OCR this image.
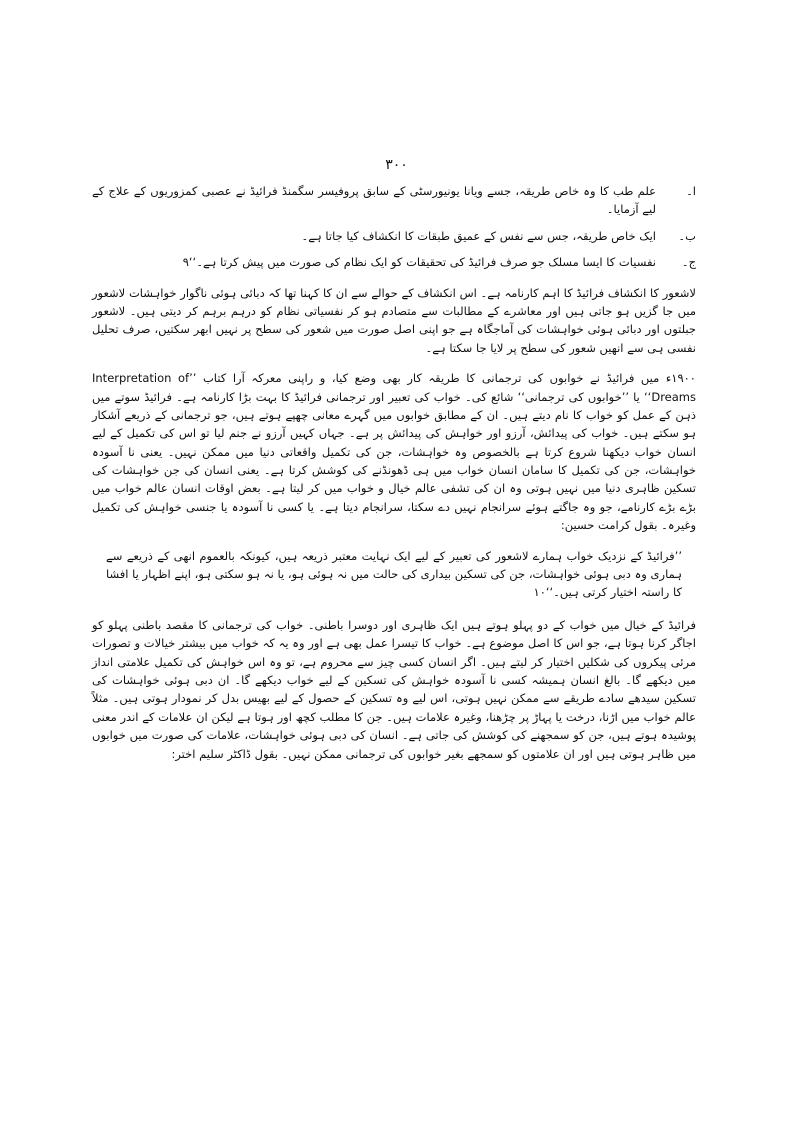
۳۰۰
ا۔
علم طب کا وہ خاص طریقہ، جسے ویانا یونیورسٹی کے سابق پروفیسر سگمنڈ فرائیڈ نے عصبی کمزوریوں کے علاج کے لیے آزمایا۔
ب۔
ایک خاص طریقہ، جس سے نفس کے عمیق طبقات کا انکشاف کیا جاتا ہے۔
ج۔
نفسیات کا ایسا مسلک جو صرف فرائیڈ کی تحقیقات کو ایک نظام کی صورت میں پیش کرتا ہے۔‘‘۹

لاشعور کا انکشاف فرائیڈ کا اہم کارنامہ ہے۔ اس انکشاف کے حوالے سے ان کا کہنا تھا کہ دبائی ہوئی ناگوار خواہشات لاشعور میں جا گزیں ہو جاتی ہیں اور معاشرے کے مطالبات سے متصادم ہو کر نفسیاتی نظام کو درہم برہم کر دیتی ہیں۔ لاشعور جبلتوں اور دبائی ہوئی خواہشات کی آماجگاہ ہے جو اپنی اصل صورت میں شعور کی سطح پر نہیں ابھر سکتیں، صرف تحلیل نفسی ہی سے انھیں شعور کی سطح پر لایا جا سکتا ہے۔

۱۹۰۰ء میں فرائیڈ نے خوابوں کی ترجمانی کا طریقہ کار بھی وضع کیا، و راپنی معرکہ آرا کتاب ’’Interpretation of Dreams‘‘ یا ’’خوابوں کی ترجمانی‘‘ شائع کی۔ خواب کی تعبیر اور ترجمانی فرائیڈ کا بہت بڑا کارنامہ ہے۔ فرائیڈ سوتے میں ذہن کے عمل کو خواب کا نام دیتے ہیں۔ ان کے مطابق خوابوں میں گہرے معانی چھپے ہوتے ہیں، جو ترجمانی کے ذریعے آشکار ہو سکتے ہیں۔ خواب کی پیدائش، آرزو اور خواہش کی پیدائش پر ہے۔ جہاں کہیں آرزو نے جنم لیا تو اس کی تکمیل کے لیے انسان خواب دیکھنا شروع کرتا ہے بالخصوص وہ خواہشات، جن کی تکمیل واقعاتی دنیا میں ممکن نہیں۔ یعنی نا آسودہ خواہشات، جن کی تکمیل کا سامان انسان خواب میں ہی ڈھونڈنے کی کوشش کرتا ہے۔ یعنی انسان کی جن خواہشات کی تسکین ظاہری دنیا میں نہیں ہوتی وہ ان کی تشفی عالم خیال و خواب میں کر لیتا ہے۔ بعض اوقات انسان عالم خواب میں بڑے بڑے کارنامے، جو وہ جاگتے ہوئے سرانجام نہیں دے سکتا، سرانجام دیتا ہے۔ یا کسی نا آسودہ یا جنسی خواہش کی تکمیل وغیرہ۔ بقول کرامت حسین:

’’فرائیڈ کے نزدیک خواب ہمارے لاشعور کی تعبیر کے لیے ایک نہایت معتبر ذریعہ ہیں، کیونکہ بالعموم انھی کے ذریعے سے ہماری وہ دبی ہوئی خواہشات، جن کی تسکین بیداری کی حالت میں نہ ہوئی ہو، یا نہ ہو سکتی ہو، اپنے اظہار یا افشا کا راستہ اختیار کرتی ہیں۔‘‘۱۰

فرائیڈ کے خیال میں خواب کے دو پہلو ہوتے ہیں ایک ظاہری اور دوسرا باطنی۔ خواب کی ترجمانی کا مقصد باطنی پہلو کو اجاگر کرنا ہوتا ہے، جو اس کا اصل موضوع ہے۔ خواب کا تیسرا عمل بھی ہے اور وہ یہ کہ خواب میں بیشتر خیالات و تصورات مرئی پیکروں کی شکلیں اختیار کر لیتے ہیں۔ اگر انسان کسی چیز سے محروم ہے، تو وہ اس خواہش کی تکمیل علامتی انداز میں دیکھے گا۔ بالغ انسان ہمیشہ کسی نا آسودہ خواہش کی تسکین کے لیے خواب دیکھے گا۔ ان دبی ہوئی خواہشات کی تسکین سیدھے سادے طریقے سے ممکن نہیں ہوتی، اس لیے وہ تسکین کے حصول کے لیے بھیس بدل کر نمودار ہوتی ہیں۔ مثلاً عالم خواب میں اڑنا، درخت یا پہاڑ پر چڑھنا، وغیرہ علامات ہیں۔ جن کا مطلب کچھ اور ہوتا ہے لیکن ان علامات کے اندر معنی پوشیدہ ہوتے ہیں، جن کو سمجھنے کی کوشش کی جاتی ہے۔ انسان کی دبی ہوئی خواہشات، علامات کی صورت میں خوابوں میں ظاہر ہوتی ہیں اور ان علامتوں کو سمجھے بغیر خوابوں کی ترجمانی ممکن نہیں۔ بقول ڈاکٹر سلیم اختر:
